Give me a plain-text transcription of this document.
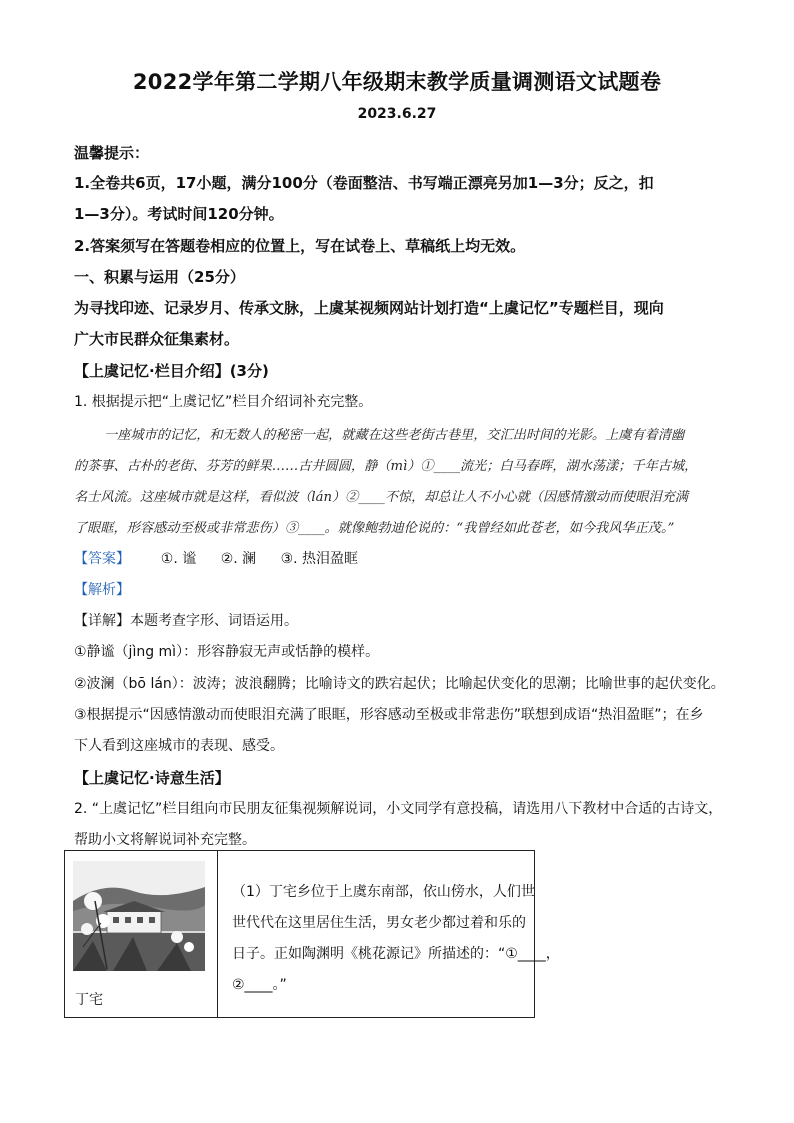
2022学年第二学期八年级期末教学质量调测语文试题卷
2023.6.27
温馨提示：
1.全卷共6页，17小题，满分100分（卷面整洁、书写端正漂亮另加1—3分；反之，扣
1—3分）。考试时间120分钟。
2.答案须写在答题卷相应的位置上，写在试卷上、草稿纸上均无效。
一、积累与运用（25分）
为寻找印迹、记录岁月、传承文脉，上虞某视频网站计划打造“上虞记忆”专题栏目，现向
广大市民群众征集素材。
【上虞记忆·栏目介绍】(3分)
1. 根据提示把“上虞记忆”栏目介绍词补充完整。
一座城市的记忆，和无数人的秘密一起，就藏在这些老街古巷里，交汇出时间的光影。上虞有着清幽
的茶事、古朴的老街、芬芳的鲜果……古井圆圆，静（mì）①____流光；白马春晖，湖水荡漾；千年古城，
名士风流。这座城市就是这样，看似波（lán）②____不惊，却总让人不小心就（因感情激动而使眼泪充满
了眼眶，形容感动至极或非常悲伤）③____。就像鲍勃迪伦说的：“我曾经如此苍老，如今我风华正茂。”
【答案】 ①. 谧 ②. 澜 ③. 热泪盈眶
【解析】
【详解】本题考查字形、词语运用。
①静谧（jìng mì）：形容静寂无声或恬静的模样。
②波澜（bō lán）：波涛；波浪翻腾；比喻诗文的跌宕起伏；比喻起伏变化的思潮；比喻世事的起伏变化。
③根据提示“因感情激动而使眼泪充满了眼眶，形容感动至极或非常悲伤”联想到成语“热泪盈眶”；在乡
下人看到这座城市的表现、感受。
【上虞记忆·诗意生活】
2. “上虞记忆”栏目组向市民朋友征集视频解说词，小文同学有意投稿，请选用八下教材中合适的古诗文，
帮助小文将解说词补充完整。
丁宅

（1）丁宅乡位于上虞东南部，依山傍水，人们世
世代代在这里居住生活，男女老少都过着和乐的
日子。正如陶渊明《桃花源记》所描述的：“①____，
②____。”
